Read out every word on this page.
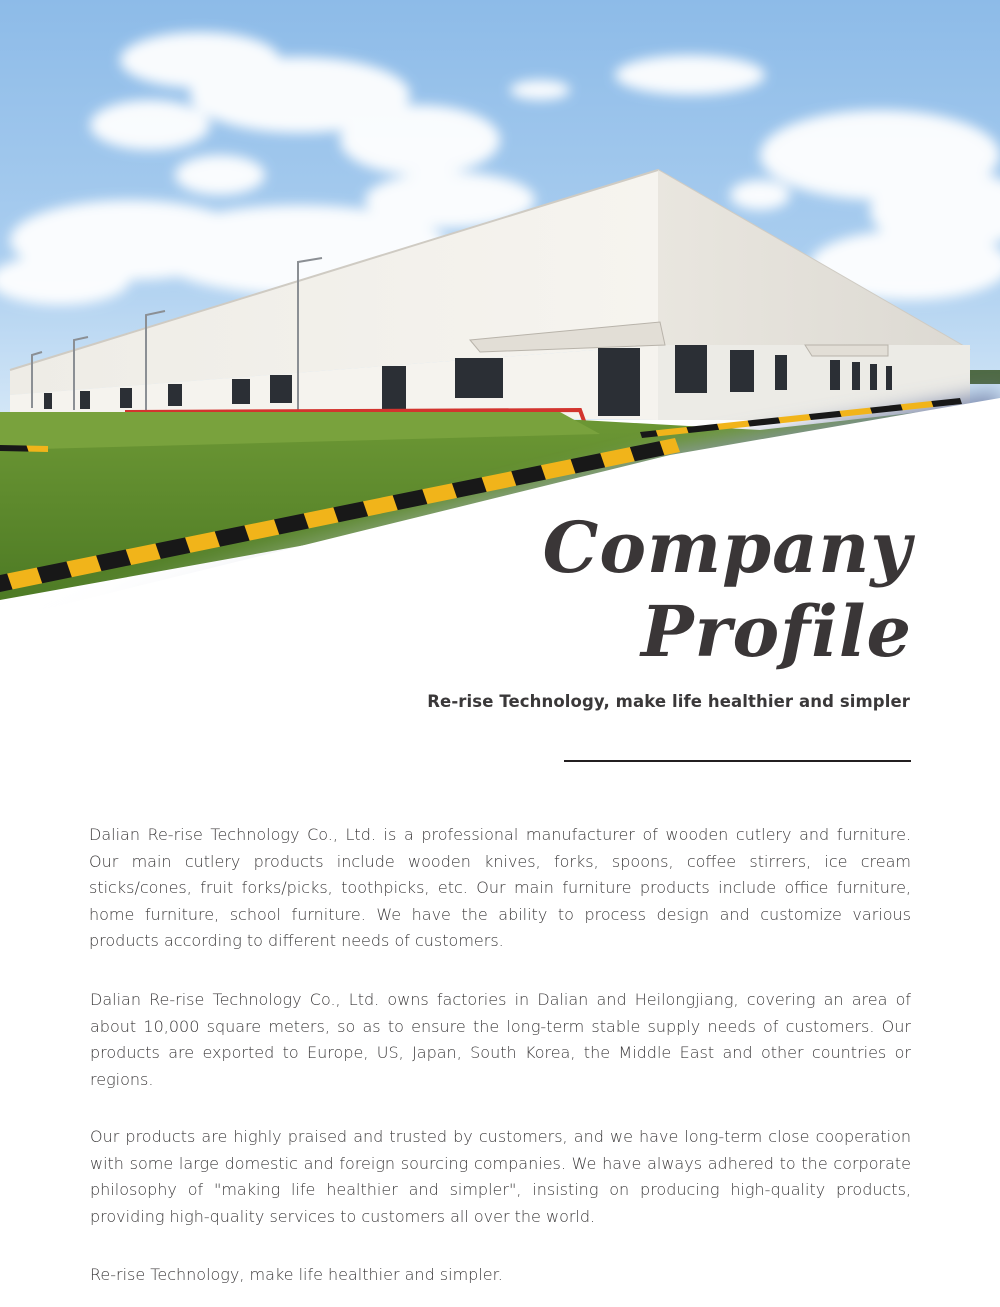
Company
Profile
Re-rise Technology, make life healthier and simpler

Dalian Re-rise Technology Co., Ltd. is a professional manufacturer of wooden cutlery and furniture. Our main cutlery products include wooden knives, forks, spoons, coffee stirrers, ice cream sticks/cones, fruit forks/picks, toothpicks, etc. Our main furniture products include office furniture, home furniture, school furniture. We have the ability to process design and customize various products according to different needs of customers.

Dalian Re-rise Technology Co., Ltd. owns factories in Dalian and Heilongjiang, covering an area of about 10,000 square meters, so as to ensure the long-term stable supply needs of customers. Our products are exported to Europe, US, Japan, South Korea, the Middle East and other countries or regions.

Our products are highly praised and trusted by customers, and we have long-term close cooperation with some large domestic and foreign sourcing companies. We have always adhered to the corporate philosophy of "making life healthier and simpler", insisting on producing high-quality products, providing high-quality services to customers all over the world.

Re-rise Technology, make life healthier and simpler.
